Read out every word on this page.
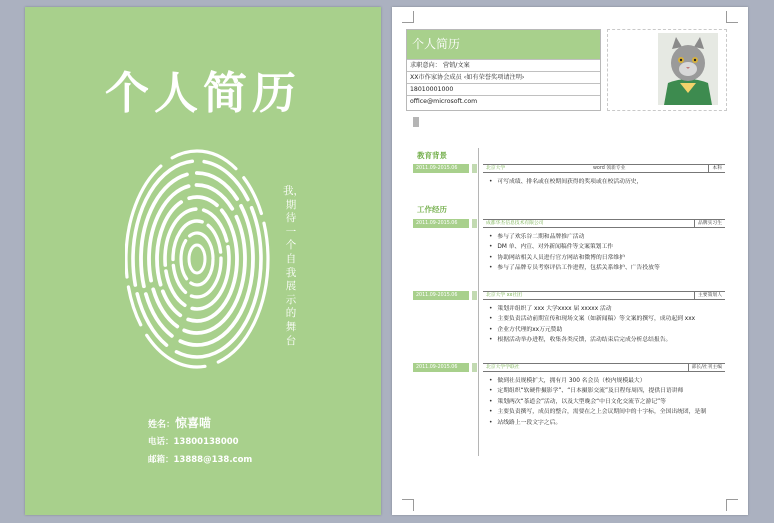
个人简历
我，期待一个自我展示的舞台
姓名：惊喜喵
电话：13800138000
邮箱：13888@138.com
个人简历
求职意向： 营销/文案
XX市作家协会成员 ‹如有荣誉奖项请注明›
18010001000
office@microsoft.com
教育背景
2011.09-2015.06	北京大学	word 领新专业	本科
• 可写成绩、排名或在校期间获得的奖项或在校活动历史，
工作经历
2011.09-2015.06	成都华杰信息技术有限公司	品牌实习生
• 参与了欢乐谷二期和品牌推广活动
• DM 单、内宣、对外新闻稿件等文案策划工作
• 协助网站相关人员进行官方网站和微博的日常维护
• 参与了品牌专员考察评估工作进程，包括关系维护、广告投放等
2011.09-2015.06	北京大学 xx社团	主要策划人
• 策划并组织了 xxx 大学xxxx 届 xxxxx 活动
• 主要负责活动前期宣传和现场文案（如新闻稿）等文案的撰写，成功起到 xxx
• 企业方代理的xx万元赞助
• 根据活动举办进程，收集各类反馈，活动结束后完成分析总结报告。
2011.09-2015.06	北京大学学联社	部长/社刊主编
• 做到社员规模扩大，拥有月 300 名会员（校内规模最大）
• 定期组织“软硬件摄影学”、“日本摄影交流”及日程每周四，提供日语讲师
• 策划两次“茶道会”活动，以及大型晚会“中日文化交流节之游记”等
• 主要负责撰写，成员的整合，需要在之上会议期间中的十字标，全国出统团，是制
• 站线路上一段文字之后。
